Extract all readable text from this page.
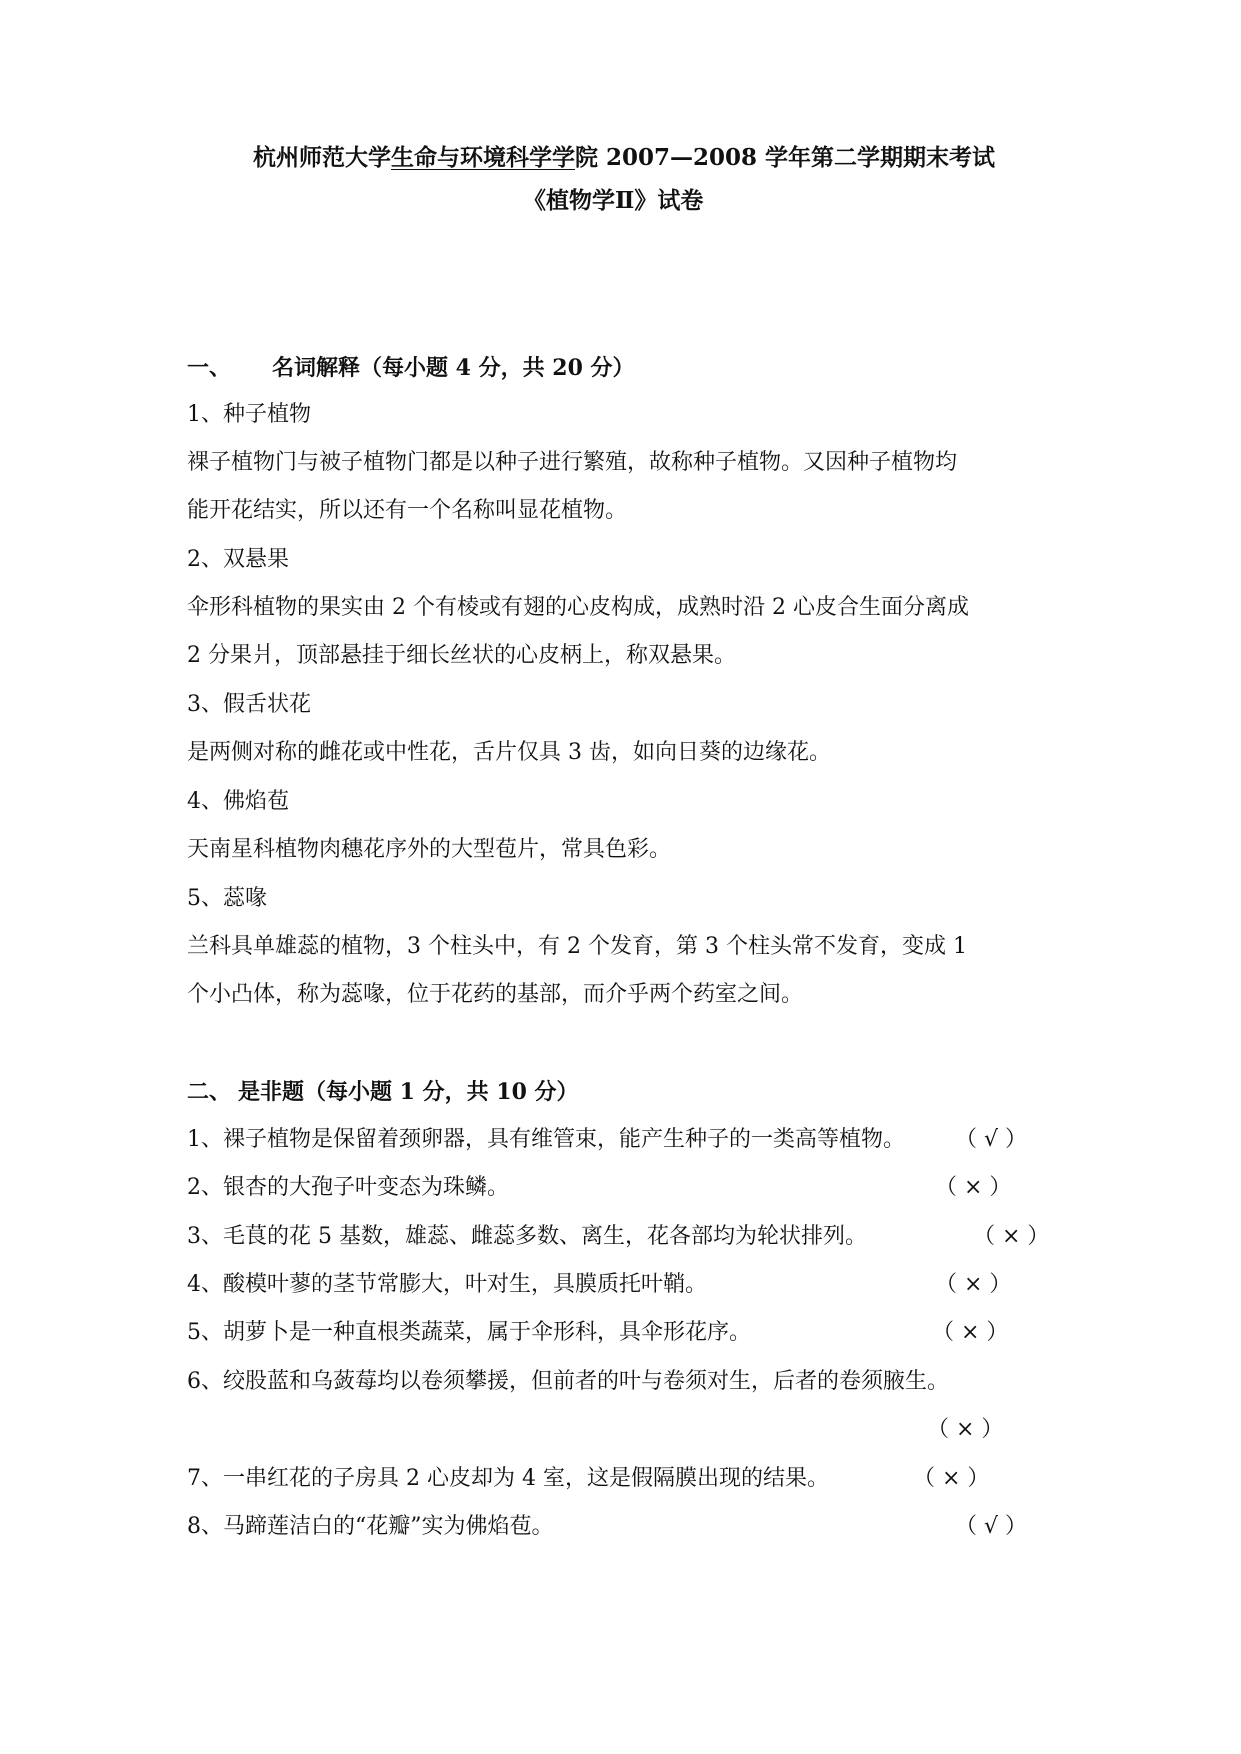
杭州师范大学生命与环境科学学院 2007—2008 学年第二学期期末考试
《植物学Ⅱ》试卷
一、 名词解释（每小题 4 分，共 20 分）
1、种子植物
裸子植物门与被子植物门都是以种子进行繁殖，故称种子植物。又因种子植物均
能开花结实，所以还有一个名称叫显花植物。
2、双悬果
伞形科植物的果实由 2 个有棱或有翅的心皮构成，成熟时沿 2 心皮合生面分离成
2 分果爿，顶部悬挂于细长丝状的心皮柄上，称双悬果。
3、假舌状花
是两侧对称的雌花或中性花，舌片仅具 3 齿，如向日葵的边缘花。
4、佛焰苞
天南星科植物肉穗花序外的大型苞片，常具色彩。
5、蕊喙
兰科具单雄蕊的植物，3 个柱头中，有 2 个发育，第 3 个柱头常不发育，变成 1
个小凸体，称为蕊喙，位于花药的基部，而介乎两个药室之间。
二、 是非题（每小题 1 分，共 10 分）
1、裸子植物是保留着颈卵器，具有维管束，能产生种子的一类高等植物。 （ √ ）
2、银杏的大孢子叶变态为珠鳞。	（ × ）
3、毛茛的花 5 基数，雄蕊、雌蕊多数、离生，花各部均为轮状排列。	（ × ）
4、酸模叶蓼的茎节常膨大，叶对生，具膜质托叶鞘。	（ × ）
5、胡萝卜是一种直根类蔬菜，属于伞形科，具伞形花序。	（ × ）
6、绞股蓝和乌蔹莓均以卷须攀援，但前者的叶与卷须对生，后者的卷须腋生。
（ × ）
7、一串红花的子房具 2 心皮却为 4 室，这是假隔膜出现的结果。	（ × ）
8、马蹄莲洁白的“花瓣”实为佛焰苞。	（ √ ）
